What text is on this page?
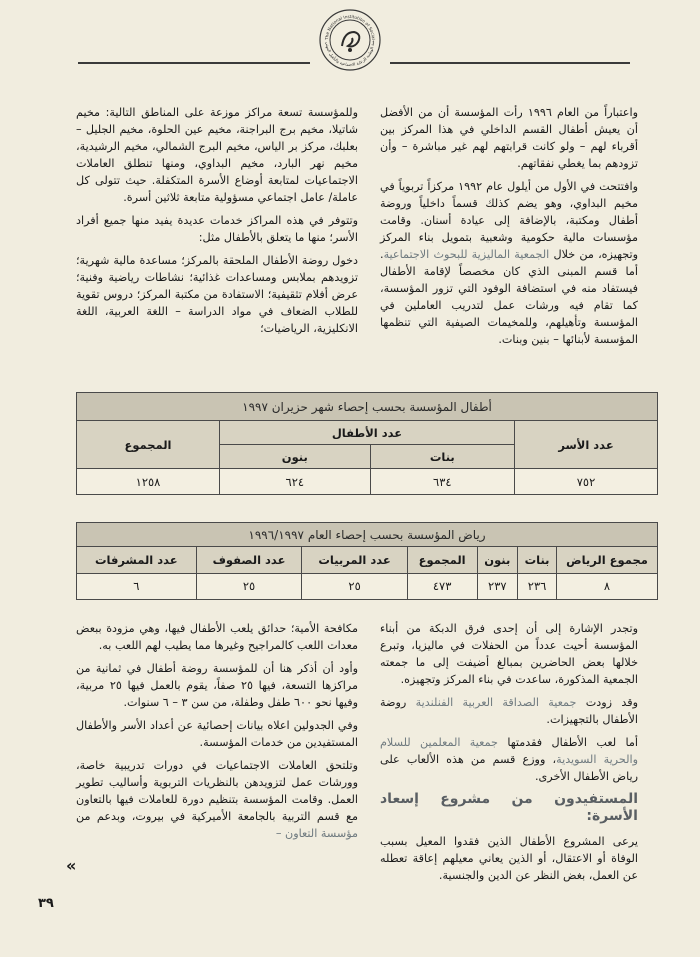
The National Institution of Social
سة الوطنية للرعاية الاجتماعية والتأهيل المهني

واعتباراً من العام ١٩٩٦ رأت المؤسسة أن من الأفضل أن يعيش أطفال القسم الداخلي في هذا المركز بين أقرباء لهم – ولو كانت قرابتهم لهم غير مباشرة – وأن تزودهم بما يغطي نفقاتهم.

وافتتحت في الأول من أيلول عام ١٩٩٢ مركزاً تربوياً في مخيم البداوي، وهو يضم كذلك قسماً داخلياً وروضة أطفال ومكتبة، بالإضافة إلى عيادة أسنان. وقامت مؤسسات مالية حكومية وشعبية بتمويل بناء المركز وتجهيزه، من خلال الجمعية الماليزية للبحوث الاجتماعية. أما قسم المبنى الذي كان مخصصاً لإقامة الأطفال فيستفاد منه في استضافة الوفود التي تزور المؤسسة، كما تقام فيه ورشات عمل لتدريب العاملين في المؤسسة وتأهيلهم، وللمخيمات الصيفية التي تنظمها المؤسسة لأبنائها – بنين وبنات.

وللمؤسسة تسعة مراكز موزعة على المناطق التالية: مخيم شاتيلا، مخيم برج البراجنة، مخيم عين الحلوة، مخيم الجليل – بعلبك، مركز بر الياس، مخيم البرج الشمالي، مخيم الرشيدية، مخيم نهر البارد، مخيم البداوي، ومنها تنطلق العاملات الاجتماعيات لمتابعة أوضاع الأسرة المتكفلة. حيث تتولى كل عاملة/ عامل اجتماعي مسؤولية متابعة ثلاثين أسرة.

وتتوفر في هذه المراكز خدمات عديدة يفيد منها جميع أفراد الأسر؛ منها ما يتعلق بالأطفال مثل:

دخول روضة الأطفال الملحقة بالمركز؛ مساعدة مالية شهرية؛ تزويدهم بملابس ومساعدات غذائية؛ نشاطات رياضية وفنية؛ عرض أفلام تثقيفية؛ الاستفادة من مكتبة المركز؛ دروس تقوية للطلاب الضعاف في مواد الدراسة – اللغة العربية، اللغة الانكليزية، الرياضيات؛

أطفال المؤسسة بحسب إحصاء شهر حزيران ١٩٩٧			
عدد الأسر	عدد الأطفال		المجموع
	بنات	بنون	
٧٥٢	٦٣٤	٦٢٤	١٢٥٨
رياض المؤسسة بحسب إحصاء العام ١٩٩٦/١٩٩٧						
مجموع الرياض	بنات	بنون	المجموع	عدد المربيات	عدد الصفوف	عدد المشرفات
٨	٢٣٦	٢٣٧	٤٧٣	٢٥	٢٥	٦

وتجدر الإشارة إلى أن إحدى فرق الدبكة من أبناء المؤسسة أحيت عدداً من الحفلات في ماليزيا، وتبرع خلالها بعض الحاضرين بمبالغ أضيفت إلى ما جمعته الجمعية المذكورة، ساعدت في بناء المركز وتجهيزه.

وقد زودت جمعية الصداقة العربية الفنلندية روضة الأطفال بالتجهيزات.

أما لعب الأطفال فقدمتها جمعية المعلمين للسلام والحرية السويدية، ووزع قسم من هذه الألعاب على رياض الأطفال الأخرى.

المستفيدون من مشروع إسعاد الأسرة:

يرعى المشروع الأطفال الذين فقدوا المعيل بسبب الوفاة أو الاعتقال، أو الذين يعاني معيلهم إعاقة تعطله عن العمل، بغض النظر عن الدين والجنسية.

مكافحة الأمية؛ حدائق يلعب الأطفال فيها، وهي مزودة ببعض معدات اللعب كالمراجيح وغيرها مما يطيب لهم اللعب به.

وأود أن أذكر هنا أن للمؤسسة روضة أطفال في ثمانية من مراكزها التسعة، فيها ٢٥ صفاً، يقوم بالعمل فيها ٢٥ مربية، وفيها نحو ٦٠٠ طفل وطفلة، من سن ٣ – ٦ سنوات.

وفي الجدولين اعلاه بيانات إحصائية عن أعداد الأسر والأطفال المستفيدين من خدمات المؤسسة.

وتلتحق العاملات الاجتماعيات في دورات تدريبية خاصة، وورشات عمل لتزويدهن بالنظريات التربوية وأساليب تطوير العمل. وقامت المؤسسة بتنظيم دورة للعاملات فيها بالتعاون مع قسم التربية بالجامعة الأميركية في بيروت، وبدعم من مؤسسة التعاون –

«
٣٩
